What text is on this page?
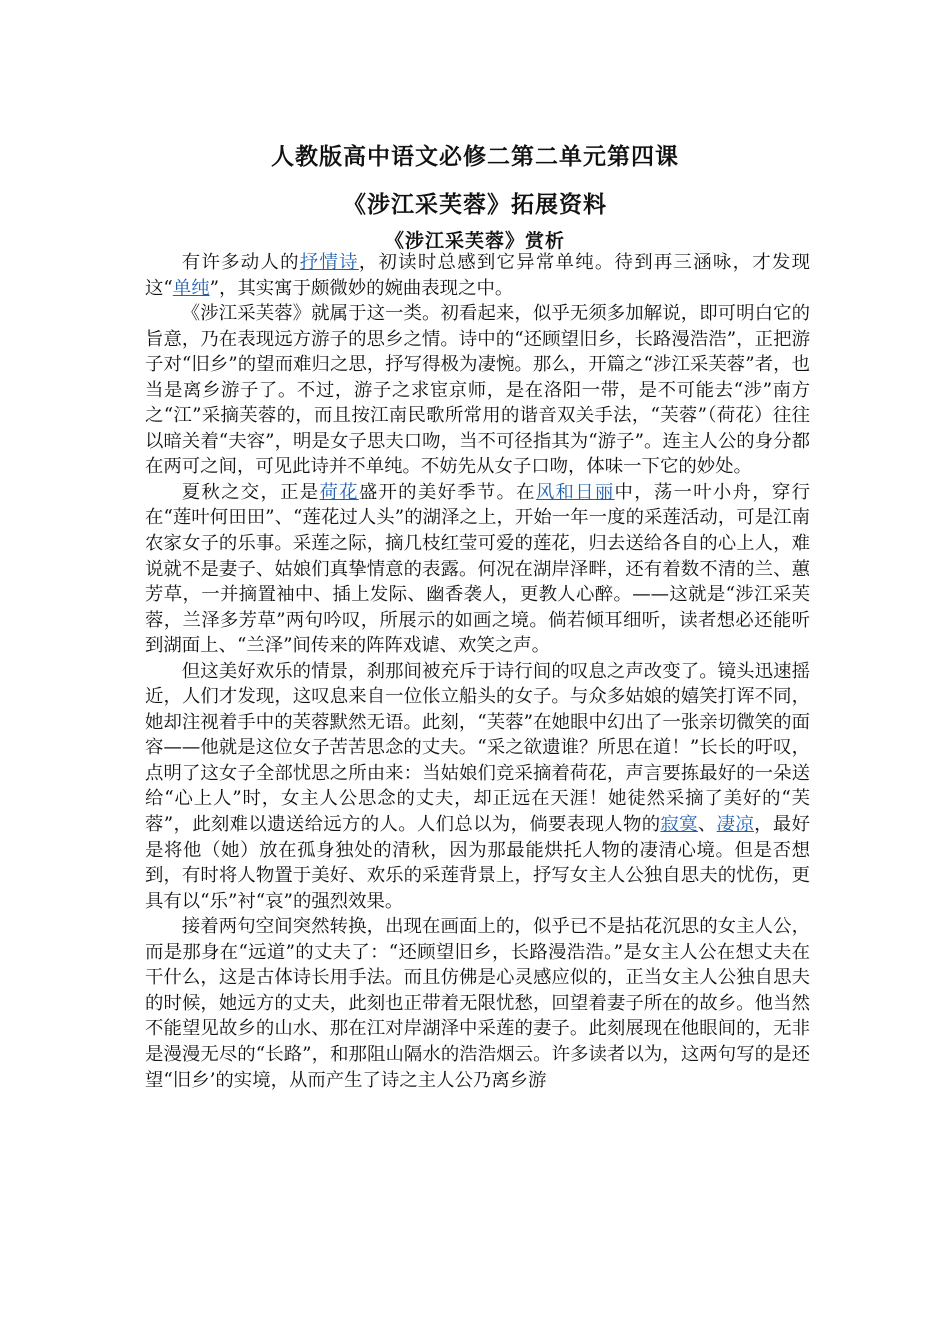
人教版高中语文必修二第二单元第四课
《涉江采芙蓉》拓展资料
《涉江采芙蓉》赏析

有许多动人的抒情诗，初读时总感到它异常单纯。待到再三涵咏，才发现这“单纯”，其实寓于颇微妙的婉曲表现之中。

《涉江采芙蓉》就属于这一类。初看起来，似乎无须多加解说，即可明白它的旨意，乃在表现远方游子的思乡之情。诗中的“还顾望旧乡，长路漫浩浩”，正把游子对“旧乡”的望而难归之思，抒写得极为凄惋。那么，开篇之“涉江采芙蓉”者，也当是离乡游子了。不过，游子之求宦京师，是在洛阳一带，是不可能去“涉”南方之“江”采摘芙蓉的，而且按江南民歌所常用的谐音双关手法，“芙蓉”（荷花）往往以暗关着“夫容”，明是女子思夫口吻，当不可径指其为“游子”。连主人公的身分都在两可之间，可见此诗并不单纯。不妨先从女子口吻，体味一下它的妙处。

夏秋之交，正是荷花盛开的美好季节。在风和日丽中，荡一叶小舟，穿行在“莲叶何田田”、“莲花过人头”的湖泽之上，开始一年一度的采莲活动，可是江南农家女子的乐事。采莲之际，摘几枝红莹可爱的莲花，归去送给各自的心上人，难说就不是妻子、姑娘们真挚情意的表露。何况在湖岸泽畔，还有着数不清的兰、蕙芳草，一并摘置袖中、插上发际、幽香袭人，更教人心醉。——这就是“涉江采芙蓉，兰泽多芳草”两句吟叹，所展示的如画之境。倘若倾耳细听，读者想必还能听到湖面上、“兰泽”间传来的阵阵戏谑、欢笑之声。

但这美好欢乐的情景，刹那间被充斥于诗行间的叹息之声改变了。镜头迅速摇近，人们才发现，这叹息来自一位伥立船头的女子。与众多姑娘的嬉笑打诨不同，她却注视着手中的芙蓉默然无语。此刻，“芙蓉”在她眼中幻出了一张亲切微笑的面容——他就是这位女子苦苦思念的丈夫。“采之欲遗谁？所思在道！”长长的吁叹，点明了这女子全部忧思之所由来：当姑娘们竞采摘着荷花，声言要拣最好的一朵送给“心上人”时，女主人公思念的丈夫，却正远在天涯！她徒然采摘了美好的“芙蓉”，此刻难以遗送给远方的人。人们总以为，倘要表现人物的寂寞、凄凉，最好是将他（她）放在孤身独处的清秋，因为那最能烘托人物的凄清心境。但是否想到，有时将人物置于美好、欢乐的采莲背景上，抒写女主人公独自思夫的忧伤，更具有以“乐”衬“哀”的强烈效果。

接着两句空间突然转换，出现在画面上的，似乎已不是拈花沉思的女主人公，而是那身在“远道”的丈夫了：“还顾望旧乡，长路漫浩浩。”是女主人公在想丈夫在干什么，这是古体诗长用手法。而且仿佛是心灵感应似的，正当女主人公独自思夫的时候，她远方的丈夫，此刻也正带着无限忧愁，回望着妻子所在的故乡。他当然不能望见故乡的山水、那在江对岸湖泽中采莲的妻子。此刻展现在他眼间的，无非是漫漫无尽的“长路”，和那阻山隔水的浩浩烟云。许多读者以为，这两句写的是还望“旧乡’的实境，从而产生了诗之主人公乃离乡游
